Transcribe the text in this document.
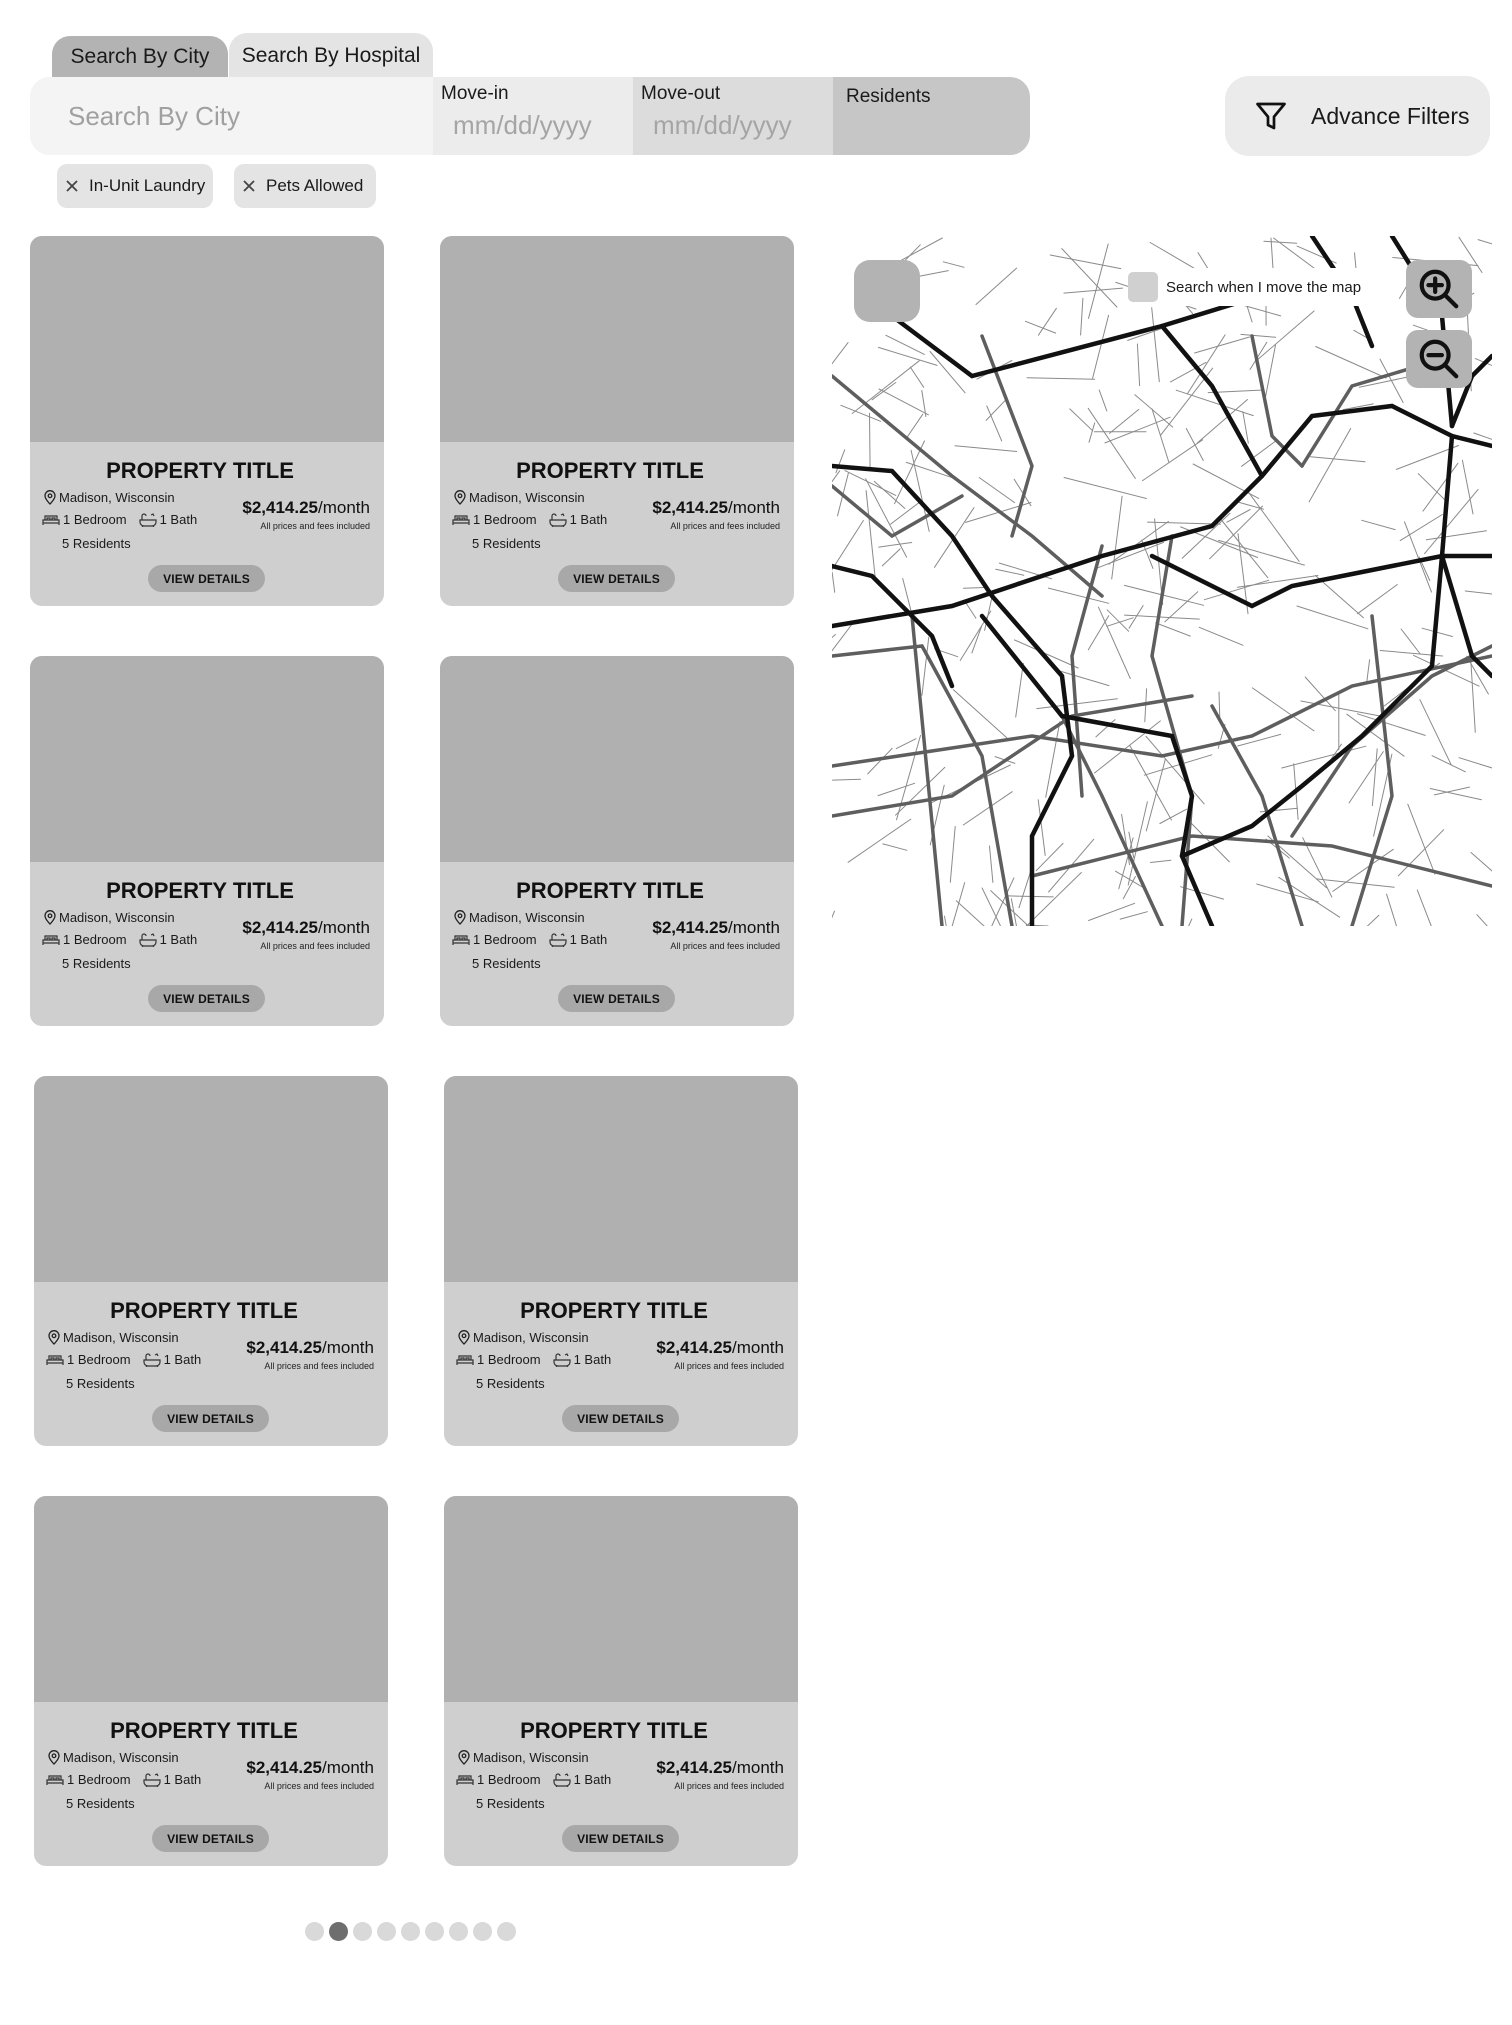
Search By City	Search By Hospital
Search By City
Move-in
mm/dd/yyyy	Move-out
mm/dd/yyyy	Residents
Advance Filters
In-Unit Laundry	Pets Allowed
PROPERTY TITLE
Madison, Wisconsin
1 Bedroom	1 Bath
5 Residents
$2,414.25/month
All prices and fees included
VIEW DETAILS
PROPERTY TITLE
Madison, Wisconsin
1 Bedroom	1 Bath
5 Residents
$2,414.25/month
All prices and fees included
VIEW DETAILS
PROPERTY TITLE
Madison, Wisconsin
1 Bedroom	1 Bath
5 Residents
$2,414.25/month
All prices and fees included
VIEW DETAILS
PROPERTY TITLE
Madison, Wisconsin
1 Bedroom	1 Bath
5 Residents
$2,414.25/month
All prices and fees included
VIEW DETAILS
PROPERTY TITLE
Madison, Wisconsin
1 Bedroom	1 Bath
5 Residents
$2,414.25/month
All prices and fees included
VIEW DETAILS
PROPERTY TITLE
Madison, Wisconsin
1 Bedroom	1 Bath
5 Residents
$2,414.25/month
All prices and fees included
VIEW DETAILS
PROPERTY TITLE
Madison, Wisconsin
1 Bedroom	1 Bath
5 Residents
$2,414.25/month
All prices and fees included
VIEW DETAILS
PROPERTY TITLE
Madison, Wisconsin
1 Bedroom	1 Bath
5 Residents
$2,414.25/month
All prices and fees included
VIEW DETAILS
Search when I move the map
